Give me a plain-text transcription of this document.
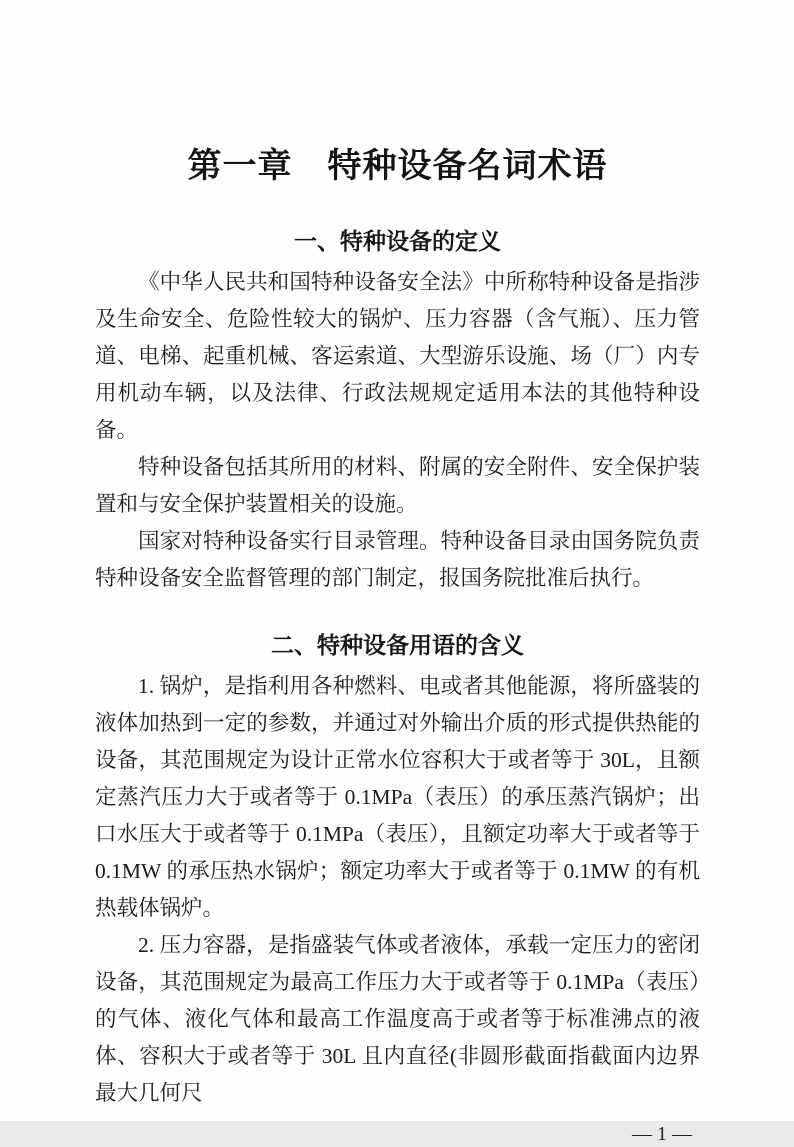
第一章　特种设备名词术语
一、特种设备的定义

《中华人民共和国特种设备安全法》中所称特种设备是指涉及生命安全、危险性较大的锅炉、压力容器（含气瓶）、压力管道、电梯、起重机械、客运索道、大型游乐设施、场（厂）内专用机动车辆，以及法律、行政法规规定适用本法的其他特种设备。

特种设备包括其所用的材料、附属的安全附件、安全保护装置和与安全保护装置相关的设施。

国家对特种设备实行目录管理。特种设备目录由国务院负责特种设备安全监督管理的部门制定，报国务院批准后执行。

二、特种设备用语的含义

1. 锅炉，是指利用各种燃料、电或者其他能源，将所盛装的液体加热到一定的参数，并通过对外输出介质的形式提供热能的设备，其范围规定为设计正常水位容积大于或者等于 30L，且额定蒸汽压力大于或者等于 0.1MPa（表压）的承压蒸汽锅炉；出口水压大于或者等于 0.1MPa（表压），且额定功率大于或者等于 0.1MW 的承压热水锅炉；额定功率大于或者等于 0.1MW 的有机热载体锅炉。

2. 压力容器，是指盛装气体或者液体，承载一定压力的密闭设备，其范围规定为最高工作压力大于或者等于 0.1MPa（表压）的气体、液化气体和最高工作温度高于或者等于标准沸点的液体、容积大于或者等于 30L 且内直径(非圆形截面指截面内边界最大几何尺

— 1 —
